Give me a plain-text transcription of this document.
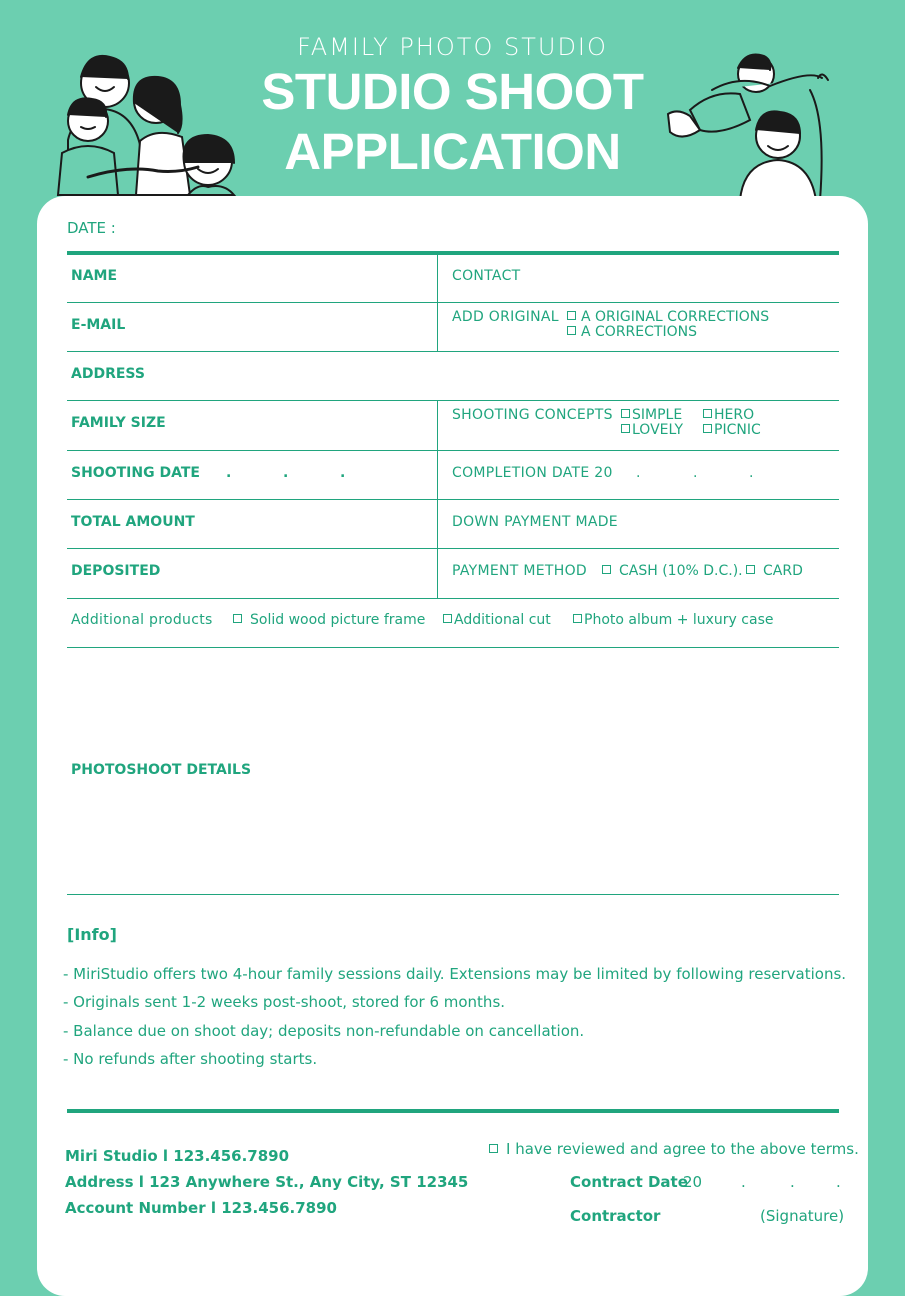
FAMILY PHOTO STUDIO
STUDIO SHOOT
APPLICATION
DATE :
NAME	CONTACT
E-MAIL	ADD ORIGINAL	A ORIGINAL CORRECTIONS
A CORRECTIONS
ADDRESS
FAMILY SIZE	SHOOTING CONCEPTS	SIMPLE	HERO
LOVELY	PICNIC
SHOOTING DATE .	.	.	COMPLETION DATE 20 .	.	.
TOTAL AMOUNT	DOWN PAYMENT MADE
DEPOSITED	PAYMENT METHOD	CASH (10% D.C.).	CARD
Additional products	Solid wood picture frame	Additional cut	Photo album + luxury case
PHOTOSHOOT DETAILS
[Info]
- MiriStudio offers two 4-hour family sessions daily. Extensions may be limited by following reservations.
- Originals sent 1-2 weeks post-shoot, stored for 6 months.
- Balance due on shoot day; deposits non-refundable on cancellation.
- No refunds after shooting starts.
Miri Studio l 123.456.7890
Address l 123 Anywhere St., Any City, ST 12345
Account Number l 123.456.7890
I have reviewed and agree to the above terms.
Contract Date
20	.	.	.
Contractor	(Signature)
